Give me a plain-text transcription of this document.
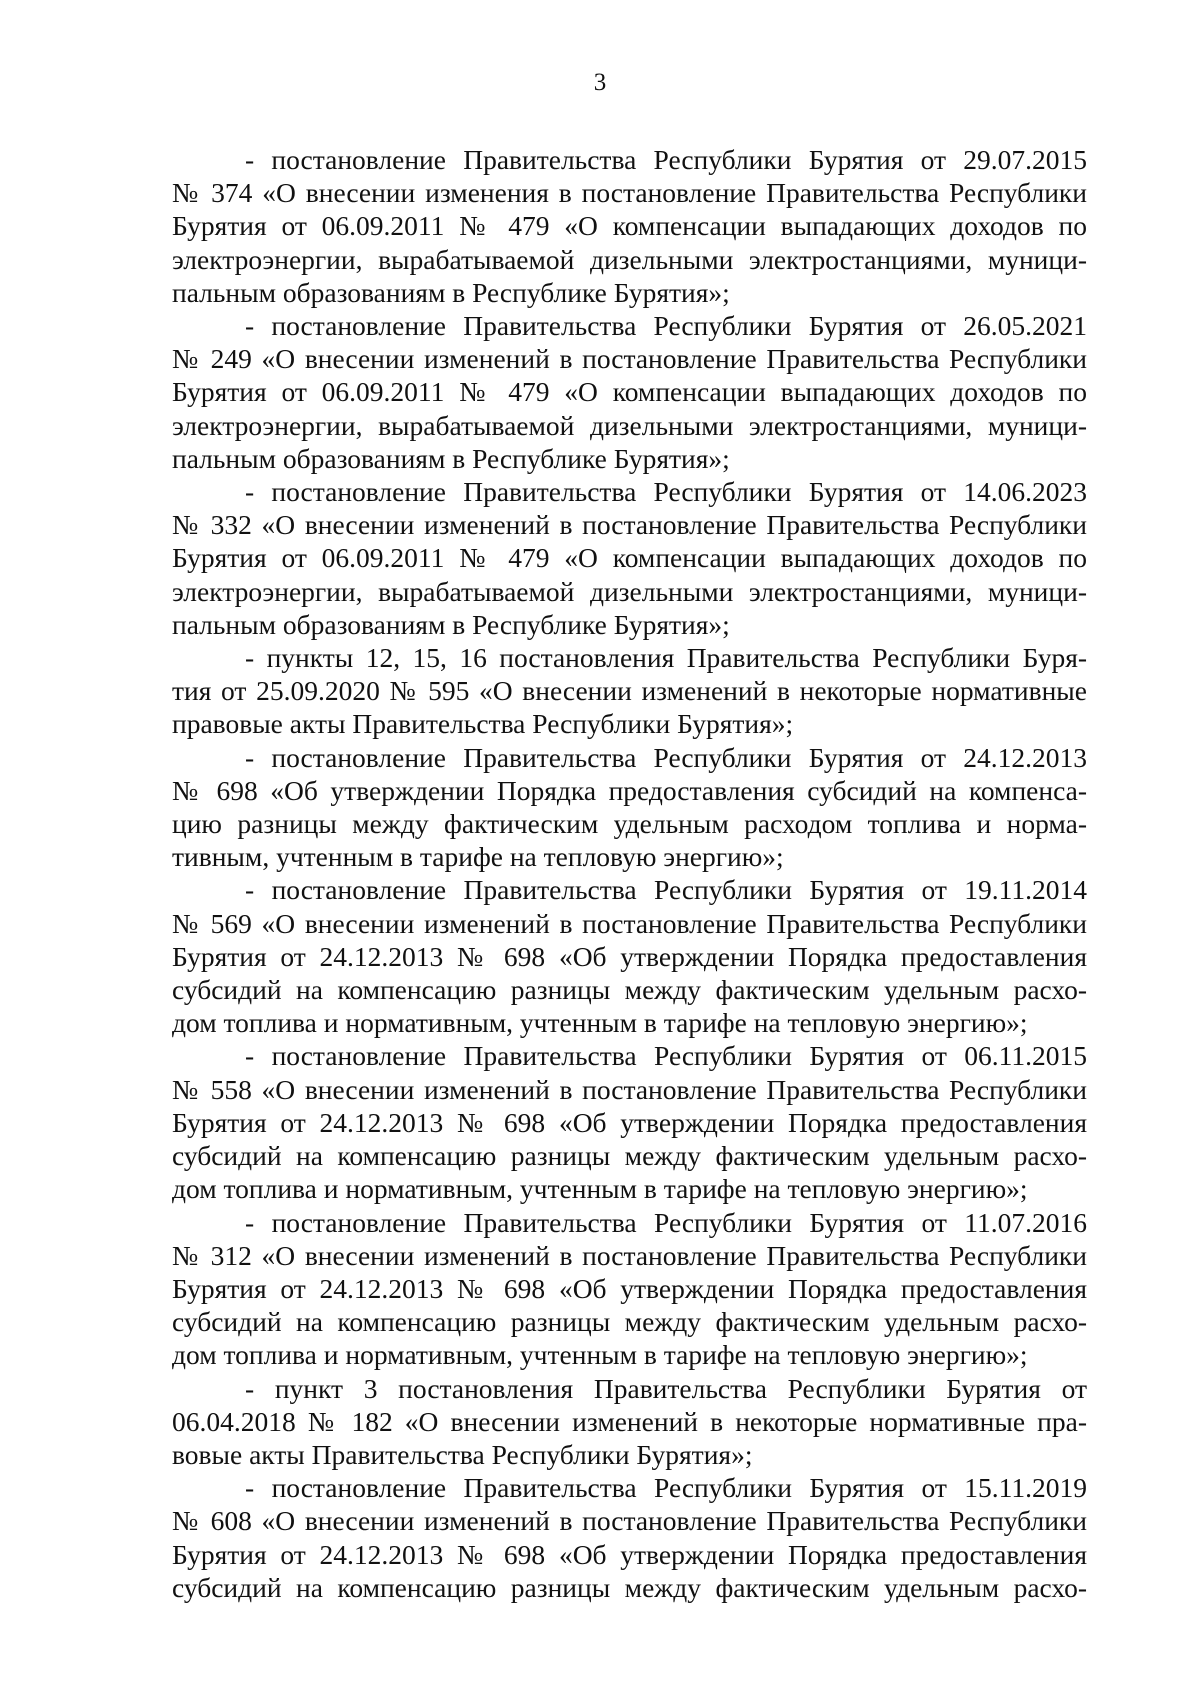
3
- постановление Правительства Республики Бурятия от 29.07.2015
№ 374 «О внесении изменения в постановление Правительства Республики
Бурятия от 06.09.2011 № 479 «О компенсации выпадающих доходов по
электроэнергии, вырабатываемой дизельными электростанциями, муници-
пальным образованиям в Республике Бурятия»;
- постановление Правительства Республики Бурятия от 26.05.2021
№ 249 «О внесении изменений в постановление Правительства Республики
Бурятия от 06.09.2011 № 479 «О компенсации выпадающих доходов по
электроэнергии, вырабатываемой дизельными электростанциями, муници-
пальным образованиям в Республике Бурятия»;
- постановление Правительства Республики Бурятия от 14.06.2023
№ 332 «О внесении изменений в постановление Правительства Республики
Бурятия от 06.09.2011 № 479 «О компенсации выпадающих доходов по
электроэнергии, вырабатываемой дизельными электростанциями, муници-
пальным образованиям в Республике Бурятия»;
- пункты 12, 15, 16 постановления Правительства Республики Буря-
тия от 25.09.2020 № 595 «О внесении изменений в некоторые нормативные
правовые акты Правительства Республики Бурятия»;
- постановление Правительства Республики Бурятия от 24.12.2013
№ 698 «Об утверждении Порядка предоставления субсидий на компенса-
цию разницы между фактическим удельным расходом топлива и норма-
тивным, учтенным в тарифе на тепловую энергию»;
- постановление Правительства Республики Бурятия от 19.11.2014
№ 569 «О внесении изменений в постановление Правительства Республики
Бурятия от 24.12.2013 № 698 «Об утверждении Порядка предоставления
субсидий на компенсацию разницы между фактическим удельным расхо-
дом топлива и нормативным, учтенным в тарифе на тепловую энергию»;
- постановление Правительства Республики Бурятия от 06.11.2015
№ 558 «О внесении изменений в постановление Правительства Республики
Бурятия от 24.12.2013 № 698 «Об утверждении Порядка предоставления
субсидий на компенсацию разницы между фактическим удельным расхо-
дом топлива и нормативным, учтенным в тарифе на тепловую энергию»;
- постановление Правительства Республики Бурятия от 11.07.2016
№ 312 «О внесении изменений в постановление Правительства Республики
Бурятия от 24.12.2013 № 698 «Об утверждении Порядка предоставления
субсидий на компенсацию разницы между фактическим удельным расхо-
дом топлива и нормативным, учтенным в тарифе на тепловую энергию»;
- пункт 3 постановления Правительства Республики Бурятия от
06.04.2018 № 182 «О внесении изменений в некоторые нормативные пра-
вовые акты Правительства Республики Бурятия»;
- постановление Правительства Республики Бурятия от 15.11.2019
№ 608 «О внесении изменений в постановление Правительства Республики
Бурятия от 24.12.2013 № 698 «Об утверждении Порядка предоставления
субсидий на компенсацию разницы между фактическим удельным расхо-
